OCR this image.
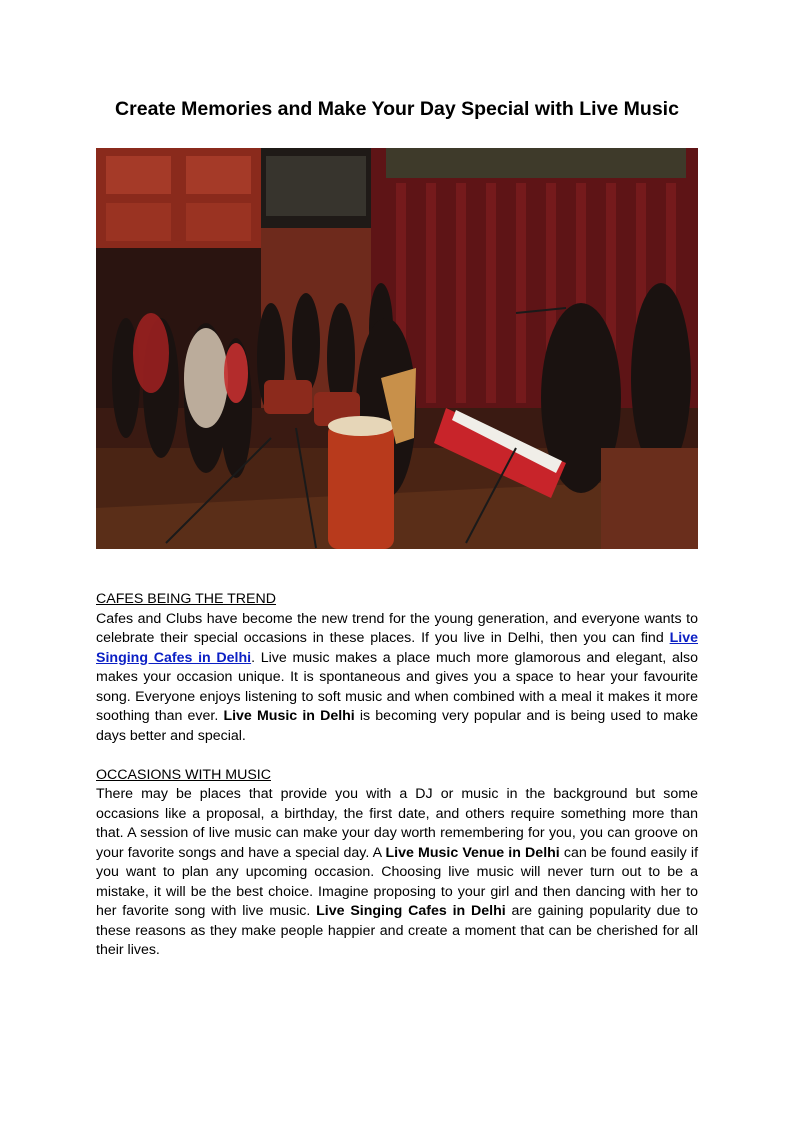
Create Memories and Make Your Day Special with Live Music
CAFES BEING THE TREND

Cafes and Clubs have become the new trend for the young generation, and everyone wants to celebrate their special occasions in these places. If you live in Delhi, then you can find Live Singing Cafes in Delhi. Live music makes a place much more glamorous and elegant, also makes your occasion unique. It is spontaneous and gives you a space to hear your favourite song. Everyone enjoys listening to soft music and when combined with a meal it makes it more soothing than ever. Live Music in Delhi is becoming very popular and is being used to make days better and special.

OCCASIONS WITH MUSIC

There may be places that provide you with a DJ or music in the background but some occasions like a proposal, a birthday, the first date, and others require something more than that. A session of live music can make your day worth remembering for you, you can groove on your favorite songs and have a special day. A Live Music Venue in Delhi can be found easily if you want to plan any upcoming occasion. Choosing live music will never turn out to be a mistake, it will be the best choice. Imagine proposing to your girl and then dancing with her to her favorite song with live music. Live Singing Cafes in Delhi are gaining popularity due to these reasons as they make people happier and create a moment that can be cherished for all their lives.
